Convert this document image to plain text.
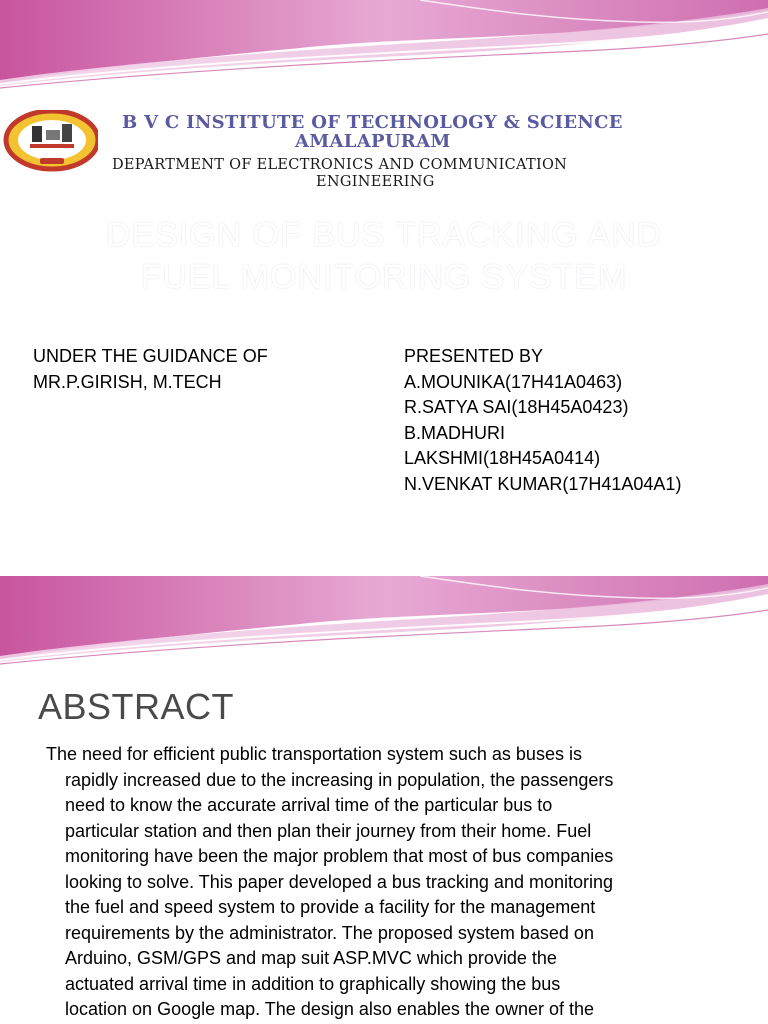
B V C INSTITUTE OF TECHNOLOGY & SCIENCE
AMALAPURAM
DEPARTMENT OF ELECTRONICS AND COMMUNICATION
ENGINEERING
DESIGN OF BUS TRACKING AND
FUEL MONITORING SYSTEM
UNDER THE GUIDANCE OF
MR.P.GIRISH, M.TECH
PRESENTED BY
A.MOUNIKA(17H41A0463)
R.SATYA SAI(18H45A0423)
B.MADHURI
LAKSHMI(18H45A0414)
N.VENKAT KUMAR(17H41A04A1)
ABSTRACT
The need for efficient public transportation system such as buses is
rapidly increased due to the increasing in population, the passengers
need to know the accurate arrival time of the particular bus to
particular station and then plan their journey from their home. Fuel
monitoring have been the major problem that most of bus companies
looking to solve. This paper developed a bus tracking and monitoring
the fuel and speed system to provide a facility for the management
requirements by the administrator. The proposed system based on
Arduino, GSM/GPS and map suit ASP.MVC which provide the
actuated arrival time in addition to graphically showing the bus
location on Google map. The design also enables the owner of the
